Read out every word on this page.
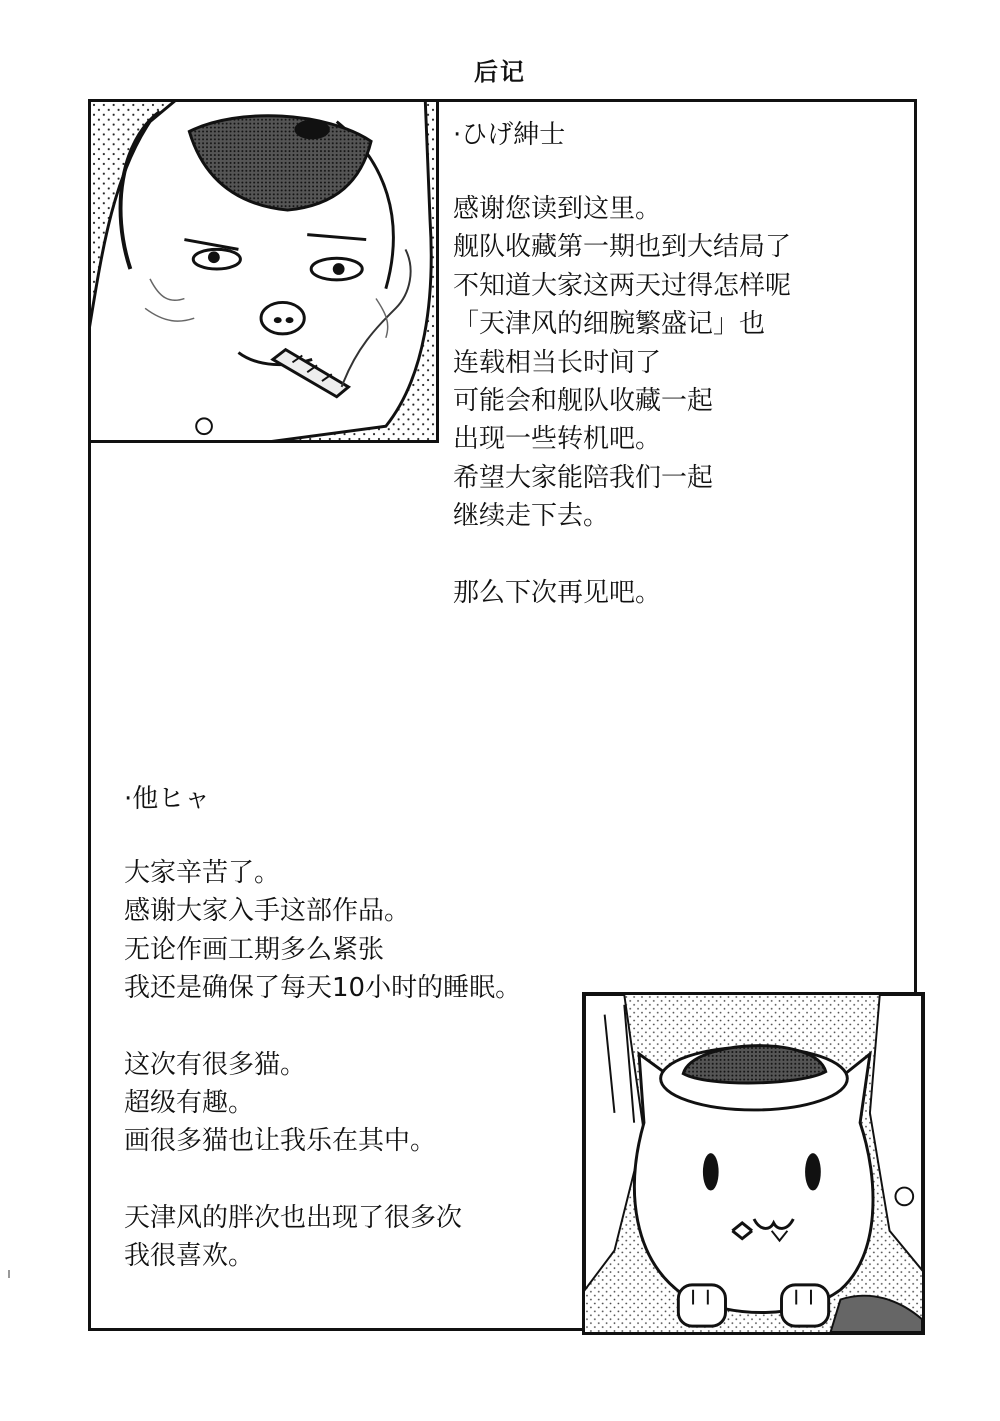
后记
·ひげ紳士
感谢您读到这里。
舰队收藏第一期也到大结局了
不知道大家这两天过得怎样呢
「天津风的细腕繁盛记」也
连载相当长时间了
可能会和舰队收藏一起
出现一些转机吧。
希望大家能陪我们一起
继续走下去。
那么下次再见吧。
·他ヒャ
大家辛苦了。
感谢大家入手这部作品。
无论作画工期多么紧张
我还是确保了每天10小时的睡眠。
这次有很多猫。
超级有趣。
画很多猫也让我乐在其中。
天津风的胖次也出现了很多次
我很喜欢。
